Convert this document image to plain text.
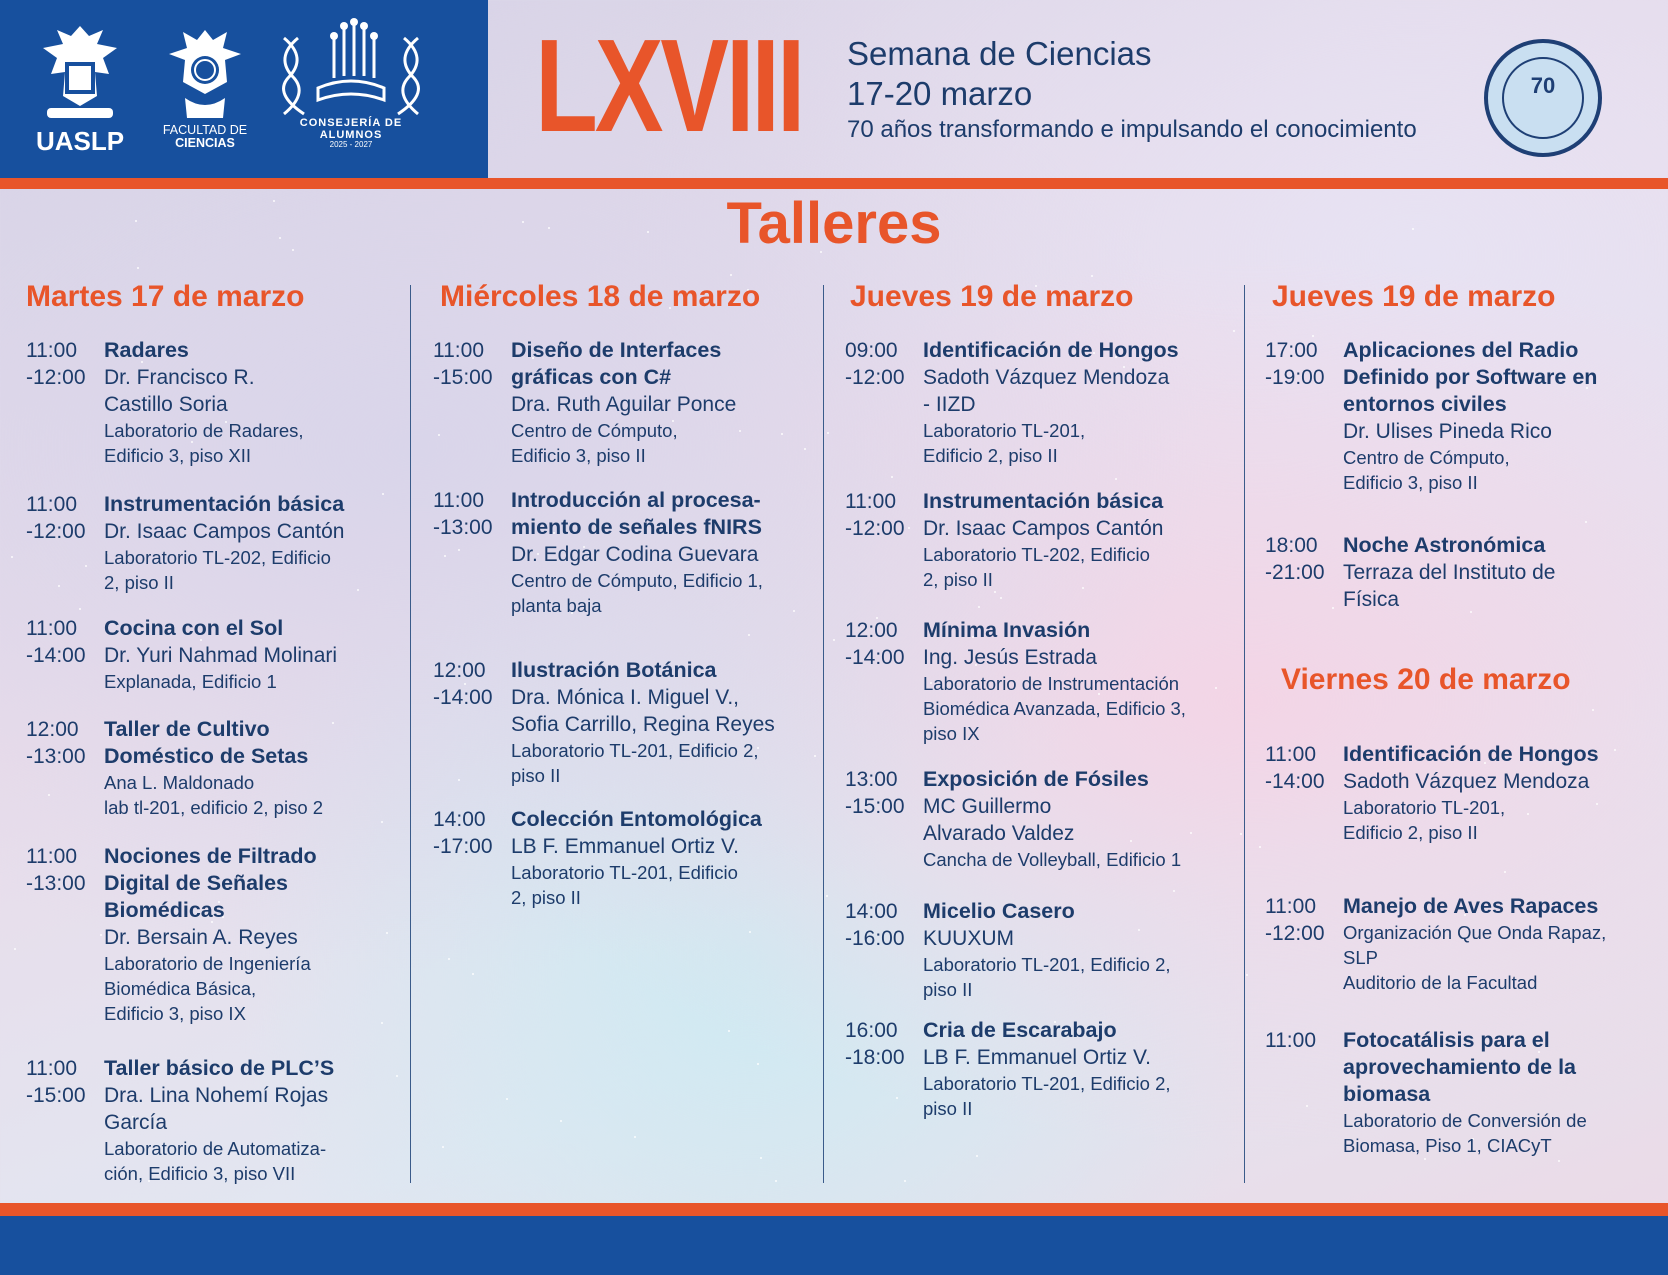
UASLP	FACULTAD DE
CIENCIAS
CONSEJERÍA DE
ALUMNOS
2025 - 2027	LXVIII Semana de Ciencias
17-20 marzo
70 años transformando e impulsando el conocimiento
70
Talleres
Martes 17 de marzo	Miércoles 18 de marzo	Jueves 19 de marzo	Jueves 19 de marzo
Viernes 20 de marzo
11:00
-12:00
Radares
Dr. Francisco R.
Castillo Soria
Laboratorio de Radares,
Edificio 3, piso XII
11:00
-12:00
Instrumentación básica
Dr. Isaac Campos Cantón
Laboratorio TL-202, Edificio
2, piso II
11:00
-14:00
Cocina con el Sol
Dr. Yuri Nahmad Molinari
Explanada, Edificio 1
12:00
-13:00
Taller de Cultivo
Doméstico de Setas
Ana L. Maldonado
lab tl-201, edificio 2, piso 2
11:00
-13:00
Nociones de Filtrado
Digital de Señales
Biomédicas
Dr. Bersain A. Reyes
Laboratorio de Ingeniería
Biomédica Básica,
Edificio 3, piso IX
11:00
-15:00
Taller básico de PLC’S
Dra. Lina Nohemí Rojas
García
Laboratorio de Automatiza-
ción, Edificio 3, piso VII
11:00
-15:00
Diseño de Interfaces
gráficas con C#
Dra. Ruth Aguilar Ponce
Centro de Cómputo,
Edificio 3, piso II
11:00
-13:00
Introducción al procesa-
miento de señales fNIRS
Dr. Edgar Codina Guevara
Centro de Cómputo, Edificio 1,
planta baja
12:00
-14:00
Ilustración Botánica
Dra. Mónica I. Miguel V.,
Sofia Carrillo, Regina Reyes
Laboratorio TL-201, Edificio 2,
piso II
14:00
-17:00
Colección Entomológica
LB F. Emmanuel Ortiz V.
Laboratorio TL-201, Edificio
2, piso II
09:00
-12:00
Identificación de Hongos
Sadoth Vázquez Mendoza
- IIZD
Laboratorio TL-201,
Edificio 2, piso II
11:00
-12:00
Instrumentación básica
Dr. Isaac Campos Cantón
Laboratorio TL-202, Edificio
2, piso II
12:00
-14:00
Mínima Invasión
Ing. Jesús Estrada
Laboratorio de Instrumentación
Biomédica Avanzada, Edificio 3,
piso IX
13:00
-15:00
Exposición de Fósiles
MC Guillermo
Alvarado Valdez
Cancha de Volleyball, Edificio 1
14:00
-16:00
Micelio Casero
KUUXUM
Laboratorio TL-201, Edificio 2,
piso II
16:00
-18:00
Cria de Escarabajo
LB F. Emmanuel Ortiz V.
Laboratorio TL-201, Edificio 2,
piso II
17:00
-19:00
Aplicaciones del Radio
Definido por Software en
entornos civiles
Dr. Ulises Pineda Rico
Centro de Cómputo,
Edificio 3, piso II
18:00
-21:00
Noche Astronómica
Terraza del Instituto de
Física
11:00
-14:00
Identificación de Hongos
Sadoth Vázquez Mendoza
Laboratorio TL-201,
Edificio 2, piso II
11:00
-12:00
Manejo de Aves Rapaces
Organización Que Onda Rapaz,
SLP
Auditorio de la Facultad
11:00	Fotocatálisis para el
aprovechamiento de la
biomasa
Laboratorio de Conversión de
Biomasa, Piso 1, CIACyT
